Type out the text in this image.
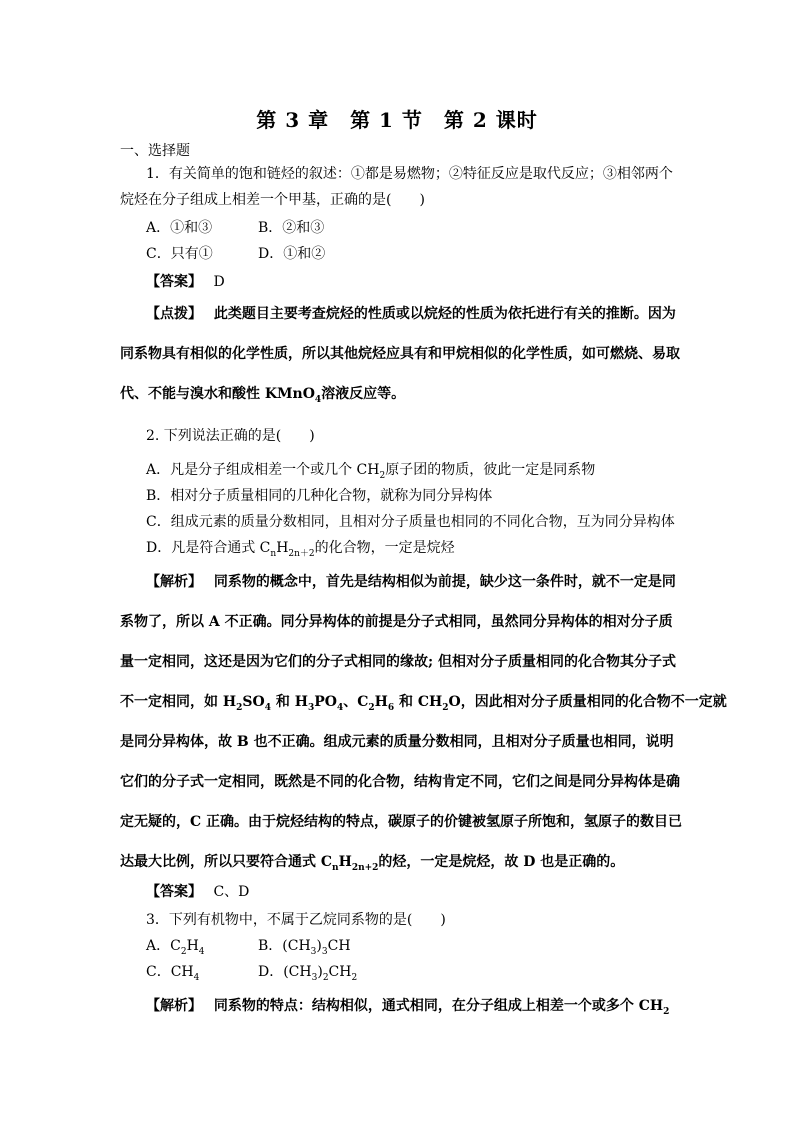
第 3 章　第 1 节　第 2 课时
一、选择题
1．有关简单的饱和链烃的叙述：①都是易燃物；②特征反应是取代反应；③相邻两个
烷烃在分子组成上相差一个甲基，正确的是(　　)
A．①和③	B．②和③
C．只有①	D．①和②
【答案】　 D
【点拨】　 此类题目主要考查烷烃的性质或以烷烃的性质为依托进行有关的推断。因为
同系物具有相似的化学性质，所以其他烷烃应具有和甲烷相似的化学性质，如可燃烧、易取
代、不能与溴水和酸性 KMnO$_4$溶液反应等。
2. 下列说法正确的是(　　)
A．凡是分子组成相差一个或几个 $CH_2$原子团的物质，彼此一定是同系物
B．相对分子质量相同的几种化合物，就称为同分异构体
C．组成元素的质量分数相同，且相对分子质量也相同的不同化合物，互为同分异构体
D．凡是符合通式 $C_nH_{2n+2}$的化合物，一定是烷烃
【解析】　 同系物的概念中，首先是结构相似为前提，缺少这一条件时，就不一定是同
系物了，所以 A 不正确。同分异构体的前提是分子式相同，虽然同分异构体的相对分子质
量一定相同，这还是因为它们的分子式相同的缘故; 但相对分子质量相同的化合物其分子式
不一定相同，如 $H_2SO_4$ 和 $H_3PO_4$、$C_2H_6$ 和 $CH_2O$，因此相对分子质量相同的化合物不一定就
是同分异构体，故 B 也不正确。组成元素的质量分数相同，且相对分子质量也相同，说明
它们的分子式一定相同，既然是不同的化合物，结构肯定不同，它们之间是同分异构体是确
定无疑的，C 正确。由于烷烃结构的特点，碳原子的价键被氢原子所饱和，氢原子的数目已
达最大比例，所以只要符合通式 $C_nH_{2n+2}$的烃，一定是烷烃，故 D 也是正确的。
【答案】　 C、D
3．下列有机物中，不属于乙烷同系物的是(　　)
A．$C_2H_4$	B．$(CH_3)_3CH$
C．$CH_4$	D．$(CH_3)_2CH_2$
【解析】　 同系物的特点：结构相似，通式相同，在分子组成上相差一个或多个 $CH_2$
